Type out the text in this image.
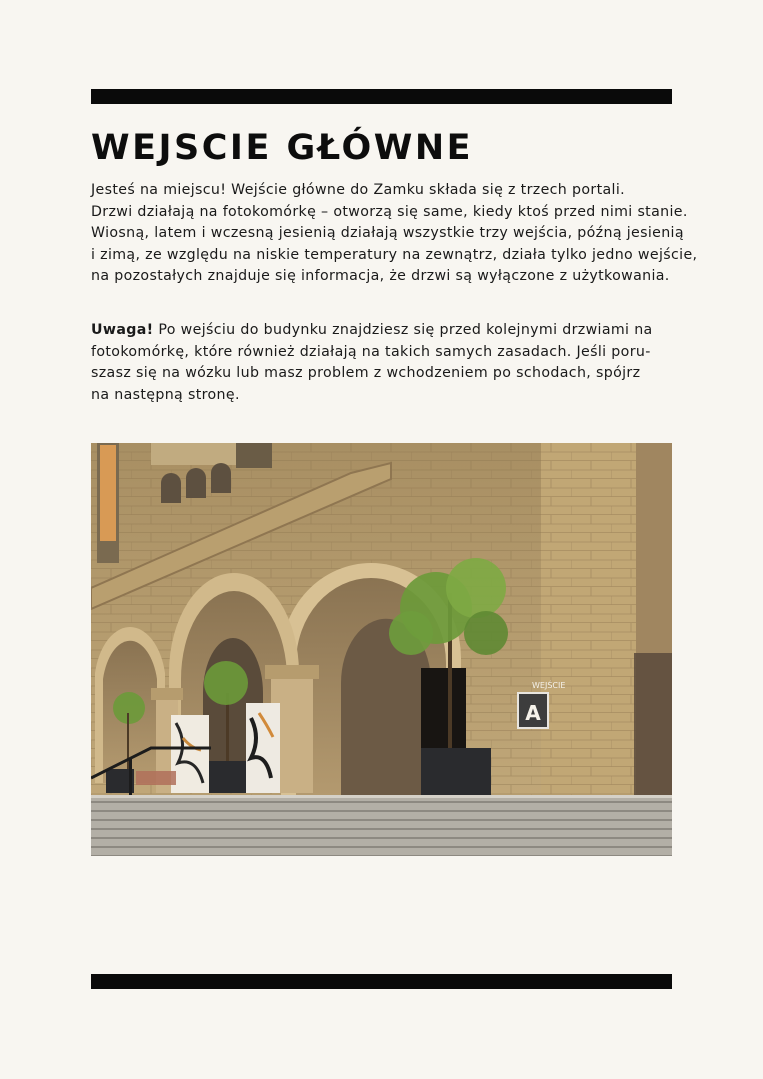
WEJSCIE GŁÓWNE

Jesteś na miejscu! Wejście główne do Zamku składa się z trzech portali.
Drzwi działają na fotokomórkę – otworzą się same, kiedy ktoś przed nimi stanie.
Wiosną, latem i wczesną jesienią działają wszystkie trzy wejścia, późną jesienią
i zimą, ze względu na niskie temperatury na zewnątrz, działa tylko jedno wejście,
na pozostałych znajduje się informacja, że drzwi są wyłączone z użytkowania.

Uwaga! Po wejściu do budynku znajdziesz się przed kolejnymi drzwiami na
fotokomórkę, które również działają na takich samych zasadach. Jeśli poru-
szasz się na wózku lub masz problem z wchodzeniem po schodach, spójrz
na następną stronę.

WEJŚCIE
A
